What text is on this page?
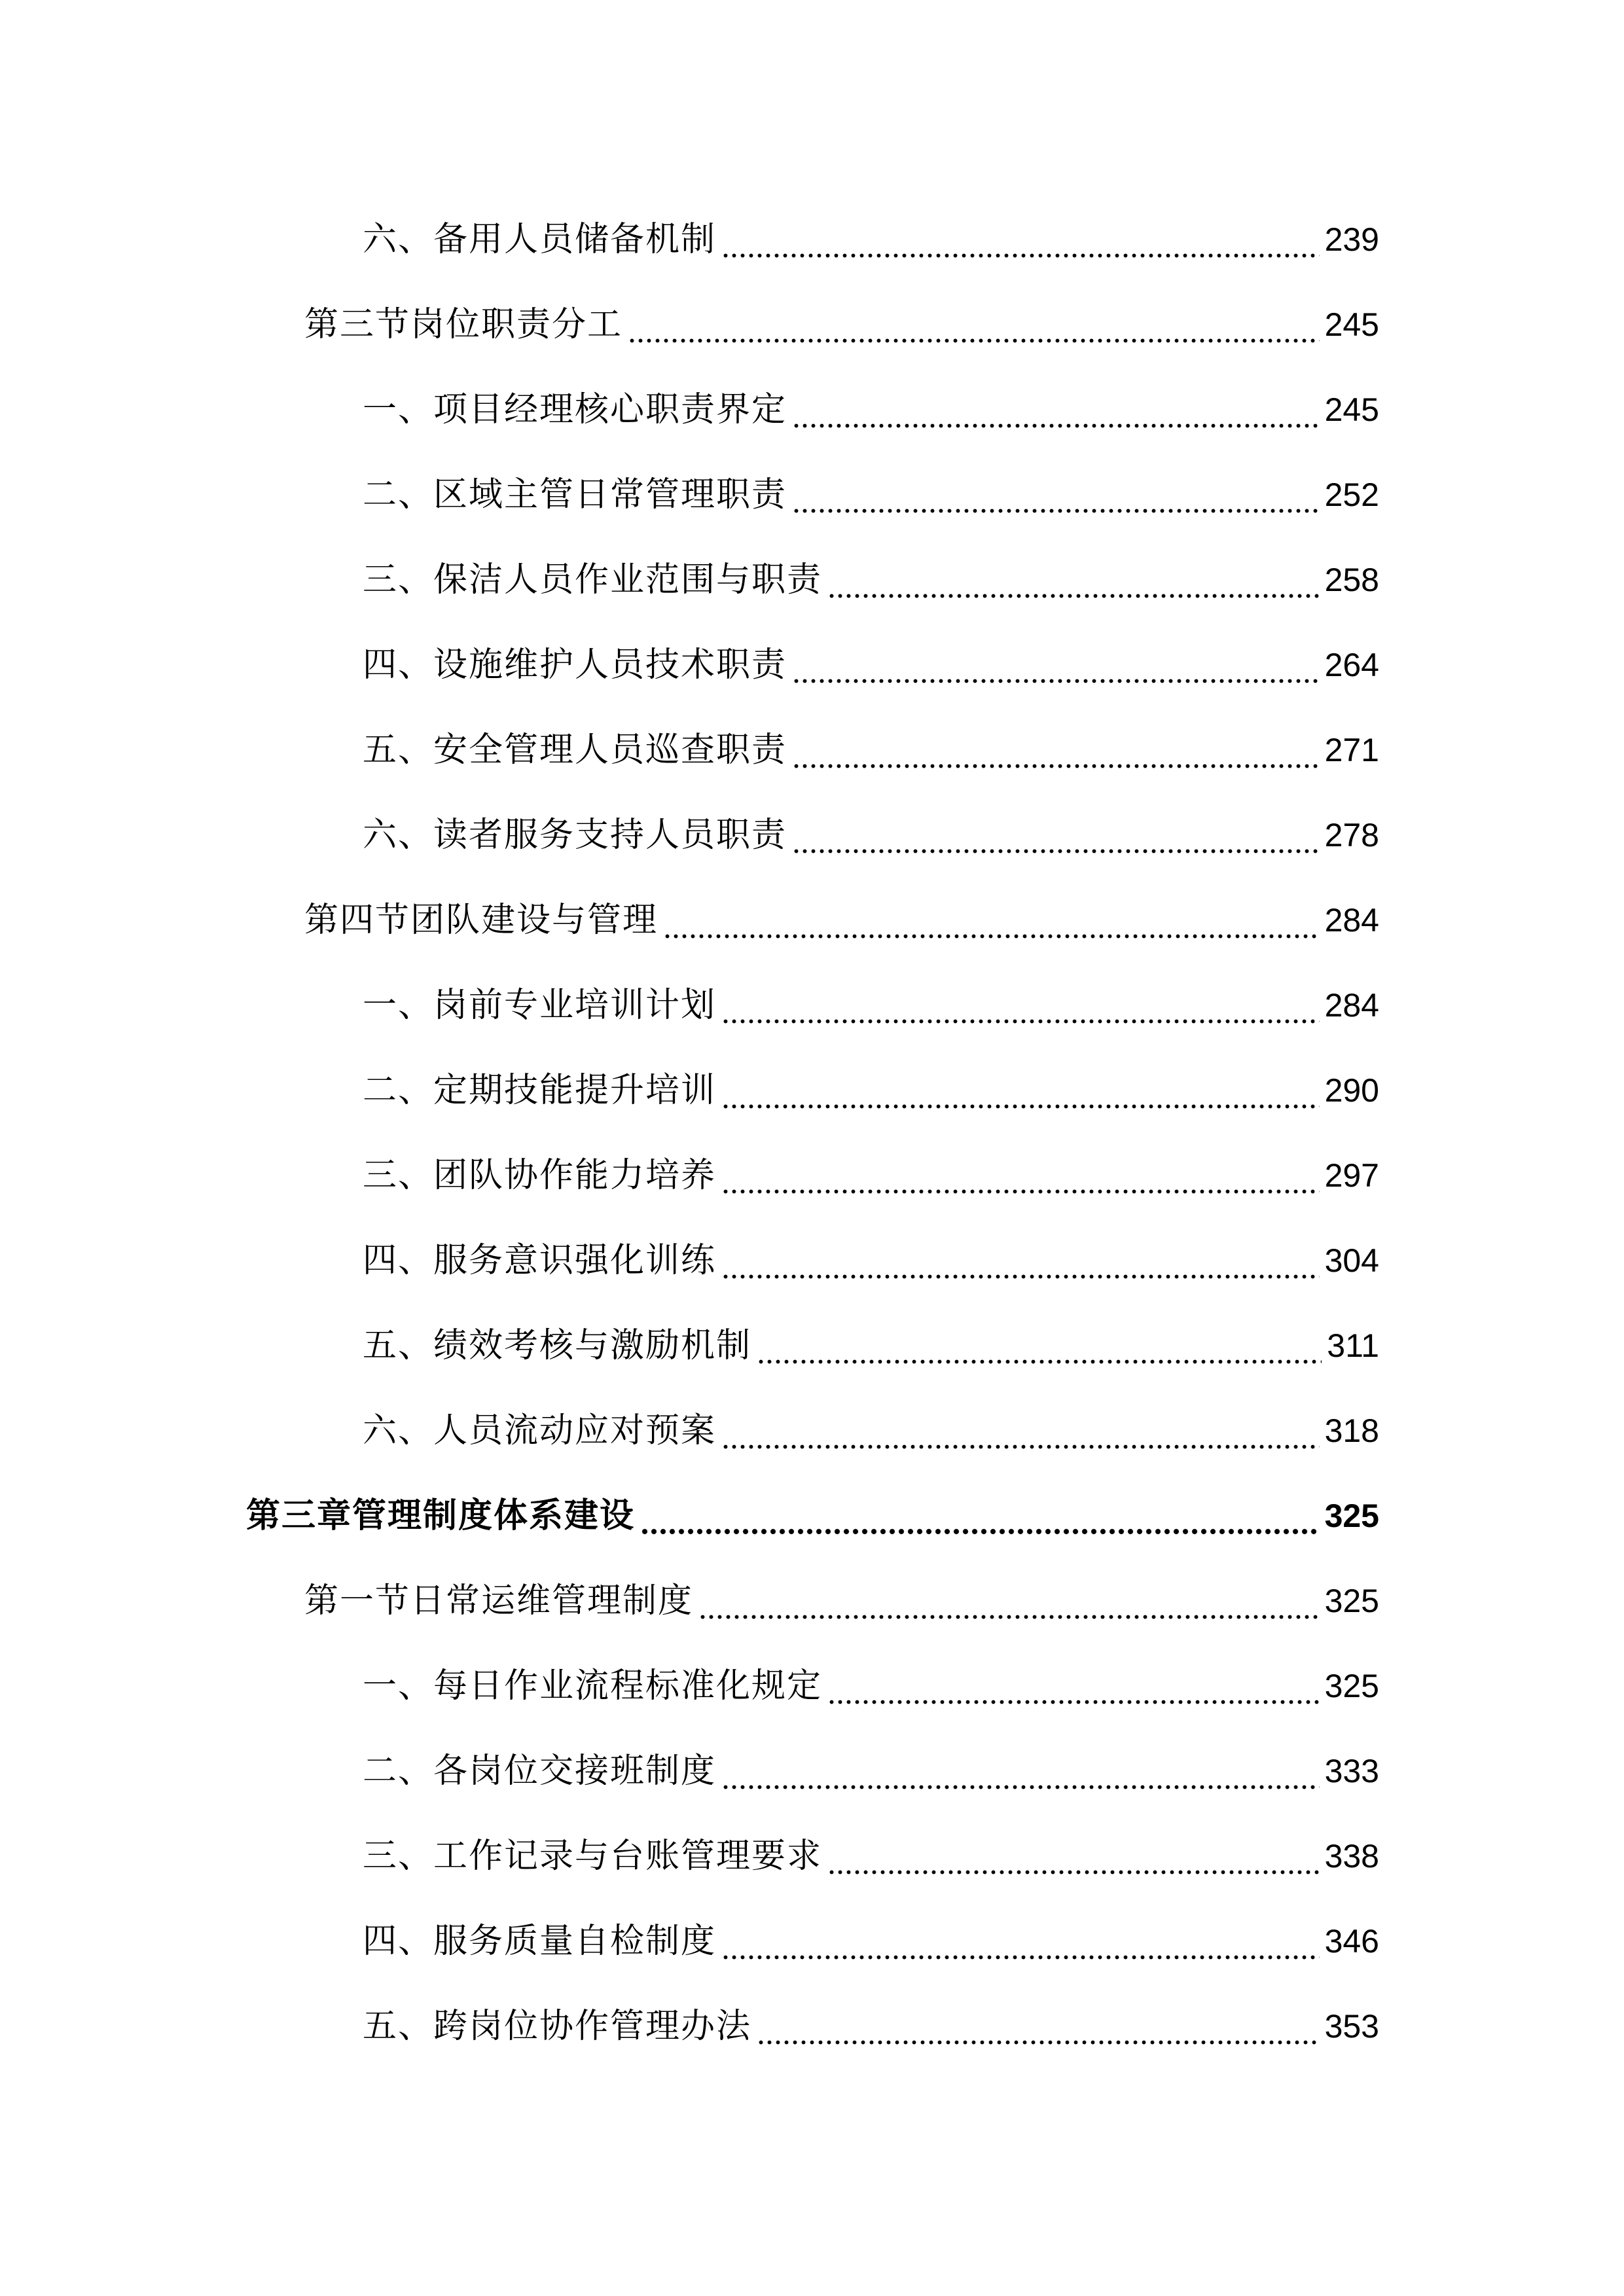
六、备用人员储备机制	239
第三节岗位职责分工	245
一、项目经理核心职责界定	245
二、区域主管日常管理职责	252
三、保洁人员作业范围与职责	258
四、设施维护人员技术职责	264
五、安全管理人员巡查职责	271
六、读者服务支持人员职责	278
第四节团队建设与管理	284
一、岗前专业培训计划	284
二、定期技能提升培训	290
三、团队协作能力培养	297
四、服务意识强化训练	304
五、绩效考核与激励机制	311
六、人员流动应对预案	318
第三章管理制度体系建设	325
第一节日常运维管理制度	325
一、每日作业流程标准化规定	325
二、各岗位交接班制度	333
三、工作记录与台账管理要求	338
四、服务质量自检制度	346
五、跨岗位协作管理办法	353
